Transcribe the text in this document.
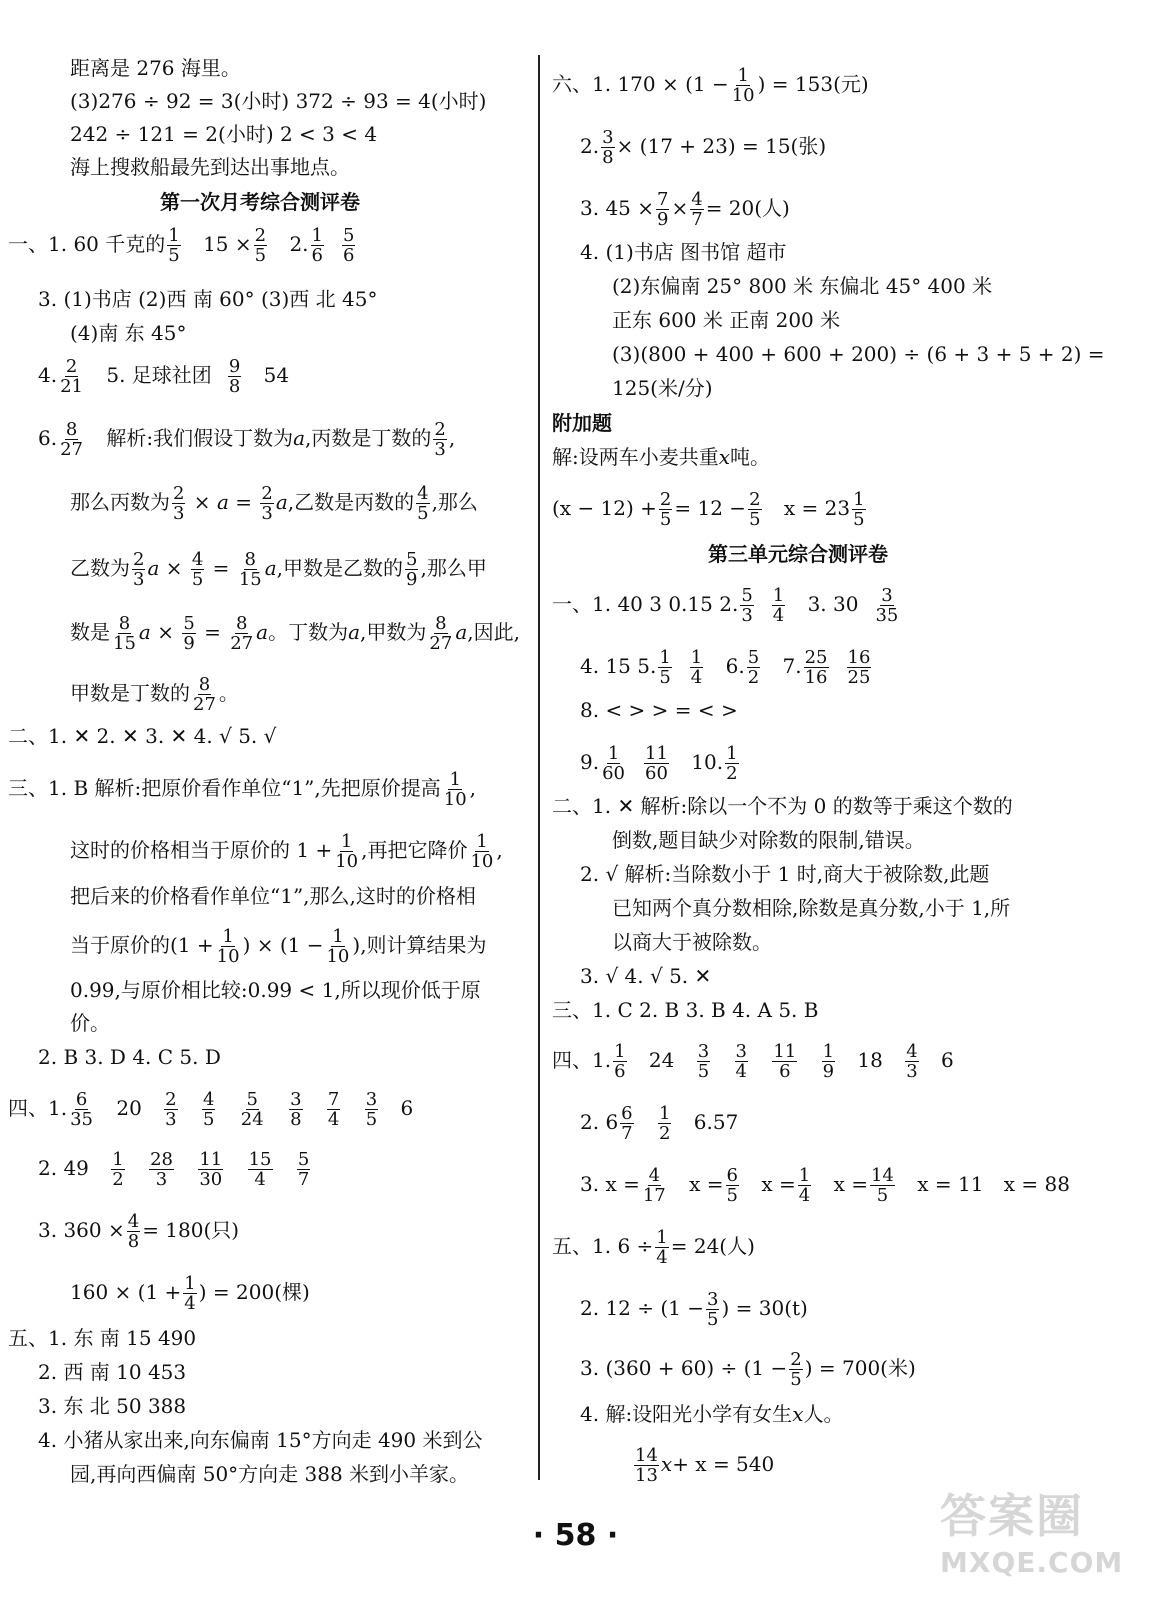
距离是 276 海里。
(3)276 ÷ 92 = 3(小时) 372 ÷ 93 = 4(小时)
242 ÷ 121 = 2(小时) 2 < 3 < 4
海上搜救船最先到达出事地点。
第一次月考综合测评卷
一、1. 60 千克的 $\frac{1}{5} 15 \times \frac{2}{5} 2$. $\frac{1}{6} \frac{5}{6}$
3. (1)书店 (2)西 南 60° (3)西 北 45°
(4)南 东 45°
4. $\frac{2}{21} 5$. 足球社团 $\frac{9}{8} 54$
6. $\frac{8}{27}$ 解析:我们假设丁数为a,丙数是丁数的 $\frac{2}{3}$ ,
那么丙数为 $\frac{2}{3} \times a = \frac{2}{3} a$,乙数是丙数的 $\frac{4}{5}$ ,那么
乙数为 $\frac{2}{3}$ $a \times \frac{4}{5} = \frac{8}{15} a$,甲数是乙数的 $\frac{5}{9}$ ,那么甲
数是 $\frac{8}{15}$ $a \times \frac{5}{9} = \frac{8}{27}$ a。丁数为a,甲数为 $\frac{8}{27} a$,因此,
甲数是丁数的 $\frac{8}{27}$ 。
二、1. ✕ 2. ✕ 3. ✕ 4. √ 5. √
三、1. B 解析:把原价看作单位“1”,先把原价提高 $\frac{1}{10}$ ,
这时的价格相当于原价的 $1 + \frac{1}{10}$ ,再把它降价 $\frac{1}{10}$ ,
把后来的价格看作单位“1”,那么,这时的价格相
当于原价的($1 + \frac{1}{10}$ ) × ($1 - \frac{1}{10}$ ),则计算结果为
0.99,与原价相比较:0.99 < 1,所以现价低于原
价。
2. B 3. D 4. C 5. D
四、1. $\frac{6}{35} 20 \frac{2}{3}$
$\frac{4}{5}$
$\frac{5}{24}$
$\frac{3}{8}$
$\frac{7}{4}$
$\frac{3}{5} 6$
2. $49 \frac{1}{2}$
$\frac{28}{3}$
$\frac{11}{30}$
$\frac{15}{4}$
$\frac{5}{7}$
3. $360 \times \frac{4}{8} = 180$(只)
$160 \times (1 + \frac{1}{4}$ ) = 200(棵)
五、1. 东 南 15 490
2. 西 南 10 453
3. 东 北 50 388
4. 小猪从家出来,向东偏南 15°方向走 490 米到公
园,再向西偏南 50°方向走 388 米到小羊家。
六、1. $170 \times (1 - \frac{1}{10}$ ) = 153(元)
2. $\frac{3}{8} \times (17 + 23) = 15$(张)
3. $45 \times \frac{7}{9} \times \frac{4}{7} = 20$(人)
4. (1)书店 图书馆 超市
(2)东偏南 25° 800 米 东偏北 45° 400 米
正东 600 米 正南 200 米
(3)(800 + 400 + 600 + 200) ÷ (6 + 3 + 5 + 2) =
125(米/分)
附加题
解:设两车小麦共重x吨。
$(x - 12) + \frac{2}{5} = 12 - \frac{2}{5}$ $x = 23 \frac{1}{5}$
第三单元综合测评卷
一、1. 40 3 0.15 2. $\frac{5}{3} \frac{1}{4} 3$. $30 \frac{3}{35}$
4. 15 5. $\frac{1}{5} \frac{1}{4} 6$. $\frac{5}{2} 7$. $\frac{25}{16} \frac{16}{25}$
8. < > > = < >
9. $\frac{1}{60} \frac{11}{60} 10$. $\frac{1}{2}$
二、1. ✕ 解析:除以一个不为 0 的数等于乘这个数的
倒数,题目缺少对除数的限制,错误。
2. √ 解析:当除数小于 1 时,商大于被除数,此题
已知两个真分数相除,除数是真分数,小于 1,所
以商大于被除数。
3. √ 4. √ 5. ✕
三、1. C 2. B 3. B 4. A 5. B
四、1. $\frac{1}{6} 24 \frac{3}{5}$
$\frac{3}{4}$
$\frac{11}{6}$
$\frac{1}{9} 18 \frac{4}{3} 6$
2. $6 \frac{6}{7}$
$\frac{1}{2} 6.57$
3. $x = \frac{4}{17}$ $x = \frac{6}{5}$ $x = \frac{1}{4}$ $x = \frac{14}{5}$ x = 11 x = 88
五、1. $6 \div \frac{1}{4} = 24$(人)
2. $12 \div (1 - \frac{3}{5}$ ) = 30(t)
3. $(360 + 60) \div (1 - \frac{2}{5}$ ) = 700(米)
4. 解:设阳光小学有女生x人。
$\frac{14}{13} x+ x = 540$
· 58 ·	答案圈
MXQE.COM
